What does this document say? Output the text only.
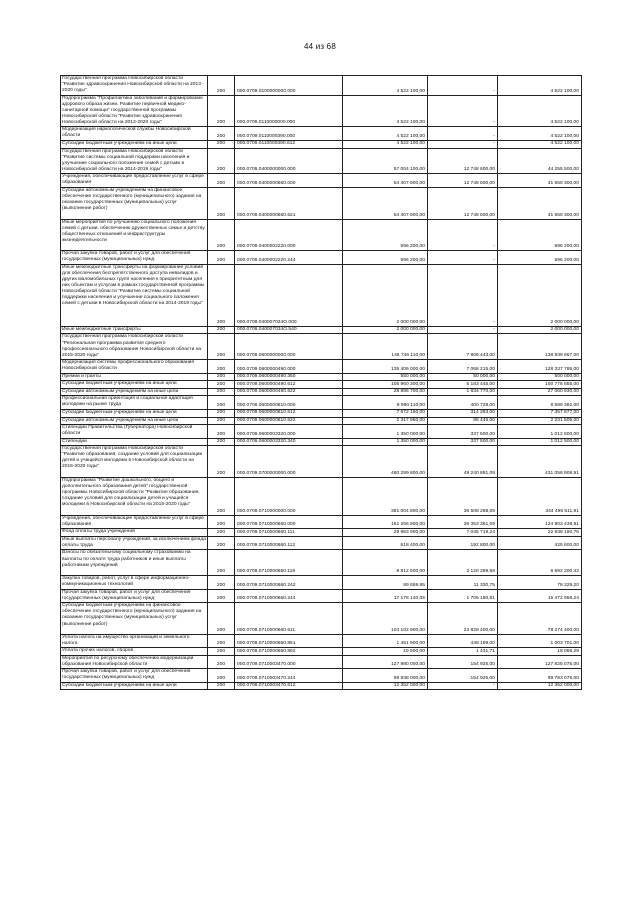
44 из 68
Государственная программа Новосибирской области "Развитие здравоохранения Новосибирской области на 2013 - 2020 годы"	200	000.0709.0100000000.000	4 522 100,00	-	4 522 100,00
Подпрограмма "Профилактика заболеваний и формирование здорового образа жизни. Развитие первичной медико-санитарной помощи" государственной программы Новосибирской области "Развитие здравоохранения Новосибирской области на 2013-2020 годы"	200	000.0709.0110000000.000	4 522 100,00	-	4 522 100,00
Модернизация наркологической службы Новосибирской области	200	000.0709.0110000390.000	4 522 100,00	-	4 522 100,00
Субсидии бюджетным учреждениям на иные цели	200	000.0709.0110000390.612	4 522 100,00	-	4 522 100,00
Государственная программа Новосибирской области "Развитие системы социальной поддержки населения и улучшение социального положения семей с детьми в Новосибирской области на 2014-2019 годы"	200	000.0709.0400000000.000	57 004 100,00	12 748 600,00	44 255 500,00
Учреждения, обеспечивающие предоставление услуг в сфере образования	200	000.0709.0400000660.000	54 407 900,00	12 748 600,00	41 659 300,00
Субсидии автономным учреждениям на финансовое обеспечение государственного (муниципального) задания на оказание государственных (муниципальных) услуг (выполнение работ)	200	000.0709.0400000660.621	54 407 900,00	12 748 600,00	41 659 300,00
Иные мероприятия по улучшению социального положения семей с детьми, обеспечению дружественных семье и детству общественных отношений и инфраструктуры жизнедеятельности	200	000.0709.0400002220.000	596 200,00	-	596 200,00
Прочая закупка товаров, работ и услуг для обеспечения государственных (муниципальных) нужд	200	000.0709.0400002220.244	596 200,00	-	596 200,00
Иные межбюджетные трансферты на формирование условий для обеспечения беспрепятственного доступа инвалидов и других маломобильных групп населения к приоритетным для них объектам и услугам в рамках государственной программы Новосибирской области "Развитие системы социальной поддержки населения и улучшение социального положения семей с детьми в Новосибирской области на 2014-2019 годы"	200	000.0709.040007034О.000	2 000 000,00	-	2 000 000,00
Иные межбюджетные трансферты	200	000.0709.040007034О.540	2 000 000,00	-	2 000 000,00
Государственная программа Новосибирской области "Региональная программа развития среднего профессионального образования Новосибирской области на 2015-2020 годы"	200	000.0709.0600000000.000	146 746 110,00	7 806 443,00	138 939 667,00
Модернизация системы профессионального образования Новосибирской области	200	000.0709.0600000490.000	135 406 000,00	7 068 215,00	128 337 785,00
Премии и гранты	200	000.0709.0600000490.350	550 000,00	50 000,00	500 000,00
Субсидии бюджетным учреждениям на иные цели	200	000.0709.0600000490.612	105 960 300,00	5 183 445,00	100 776 855,00
Субсидии автономным учреждениям на иные цели	200	000.0709.0600000490.622	28 895 700,00	1 834 770,00	27 060 930,00
Профессиональная ориентация и социальная адаптация молодежи на рынке труда	200	000.0709.0600000810.000	9 990 110,00	400 728,00	9 589 382,00
Субсидии бюджетным учреждениям на иные цели	200	000.0709.0600000810.612	7 672 160,00	314 283,00	7 357 877,00
Субсидии автономным учреждениям на иные цели	200	000.0709.0600000810.622	2 317 950,00	86 445,00	2 231 505,00
Стипендии Правительства (Губернатора) Новосибирской области	200	000.0709.0600003320.000	1 350 000,00	337 500,00	1 012 500,00
Стипендии	200	000.0709.0600003320.340	1 350 000,00	337 500,00	1 012 500,00
Государственная программа Новосибирской области "Развитие образования, создание условий для социализации детей и учащейся молодежи в Новосибирской области на 2015-2020 годы"	200	000.0709.0700000000.000	480 299 800,00	49 240 891,09	431 058 908,91
Подпрограмма "Развитие дошкольного, общего и дополнительного образования детей" государственной программы Новосибирской области "Развитие образования, создание условий для социализации детей и учащейся молодежи в Новосибирской области на 2015-2020 годы"	200	000.0709.0710000000.000	381 004 800,00	36 508 288,09	344 496 511,91
Учреждения, обеспечивающие предоставление услуг в сфере образования	200	000.0709.0710000660.000	161 256 800,00	36 353 361,09	124 903 438,91
Фонд оплаты труда учреждений	200	000.0709.0710000660.111	29 983 900,00	7 045 719,24	22 938 180,76
Иные выплаты персоналу учреждений, за исключением фонда оплаты труда	200	000.0709.0710000660.112	618 400,00	192 800,00	425 600,00
Взносы по обязательному социальному страхованию на выплаты по оплате труда работников и иные выплаты работникам учреждений	200	000.0709.0710000660.119	8 812 500,00	2 120 299,58	6 692 200,42
Закупка товаров, работ, услуг в сфере информационно-коммуникационных технологий	200	000.0709.0710000660.242	89 659,95	11 330,75	78 329,20
Прочая закупка товаров, работ и услуг для обеспечения государственных (муниципальных) нужд	200	000.0709.0710000660.244	17 178 140,05	1 705 180,81	15 472 959,24
Субсидии бюджетным учреждениям на финансовое обеспечение государственного (муниципального) задания на оказание государственных (муниципальных) услуг (выполнение работ)	200	000.0709.0710000660.611	103 102 900,00	24 828 400,00	78 274 400,00
Уплата налога на имущество организаций и земельного налога	200	000.0709.0710000660.851	1 451 900,00	448 199,00	1 003 701,00
Уплата прочих налогов, сборов	200	000.0709.0710000660.852	19 500,00	1 431,71	18 068,29
Мероприятия по ресурсному обеспечению модернизации образования Новосибирской области	200	000.0709.0710003470.000	127 980 000,00	154 925,00	127 825 075,00
Прочая закупка товаров, работ и услуг для обеспечения государственных (муниципальных) нужд	200	000.0709.0710003470.244	99 938 000,00	154 925,00	99 783 075,00
Субсидии бюджетным учреждениям на иные цели	200	000.0709.0710003470.612	12 352 000,00	-	12 352 000,00
